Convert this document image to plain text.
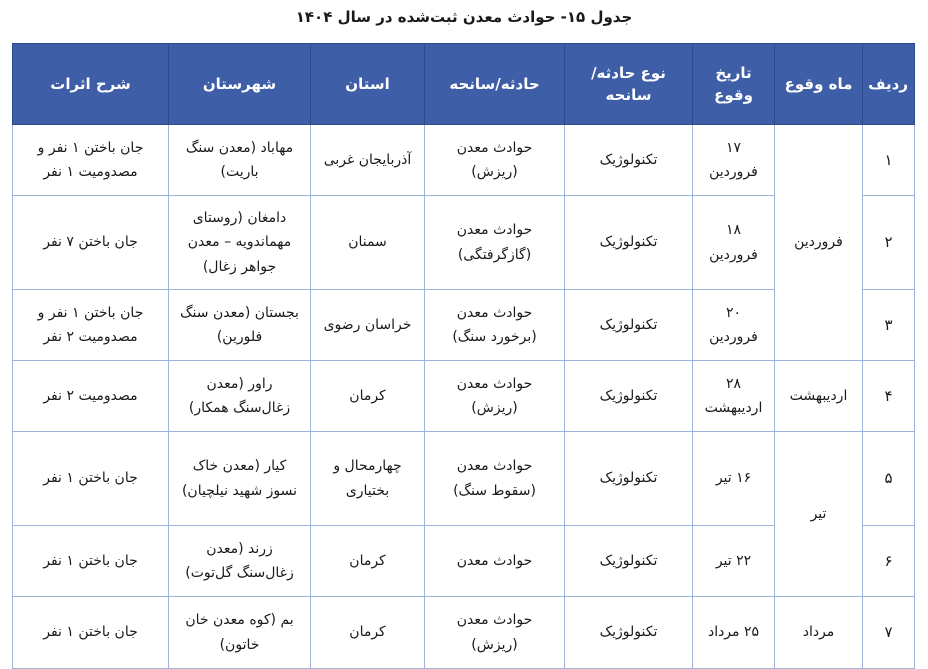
جدول ۱۵- حوادث معدن ثبت‌شده در سال ۱۴۰۴
ردیف	ماه وقوع	تاریخ وقوع	نوع حادثه/سانحه	حادثه/سانحه	استان	شهرستان	شرح اثرات
۱	فروردین	۱۷ فروردین	تکنولوژیک	حوادث معدن (ریزش)	آذربایجان غربی	مهاباد (معدن سنگ باریت)	جان باختن ۱ نفر و مصدومیت ۱ نفر
۲		۱۸ فروردین	تکنولوژیک	حوادث معدن (گازگرفتگی)	سمنان	دامغان (روستای مهماندویه – معدن جواهر زغال)	جان باختن ۷ نفر
۳		۲۰ فروردین	تکنولوژیک	حوادث معدن (برخورد سنگ)	خراسان رضوی	بجستان (معدن سنگ فلورین)	جان باختن ۱ نفر و مصدومیت ۲ نفر
۴	اردیبهشت	۲۸ اردیبهشت	تکنولوژیک	حوادث معدن (ریزش)	کرمان	راور (معدن زغال‌سنگ همکار)	مصدومیت ۲ نفر
۵	تیر	۱۶ تیر	تکنولوژیک	حوادث معدن (سقوط سنگ)	چهارمحال و بختیاری	کیار (معدن خاک نسوز شهید نیلچیان)	جان باختن ۱ نفر
۶		۲۲ تیر	تکنولوژیک	حوادث معدن	کرمان	زرند (معدن زغال‌سنگ گل‌توت)	جان باختن ۱ نفر
۷	مرداد	۲۵ مرداد	تکنولوژیک	حوادث معدن (ریزش)	کرمان	بم (کوه معدن خان خاتون)	جان باختن ۱ نفر
